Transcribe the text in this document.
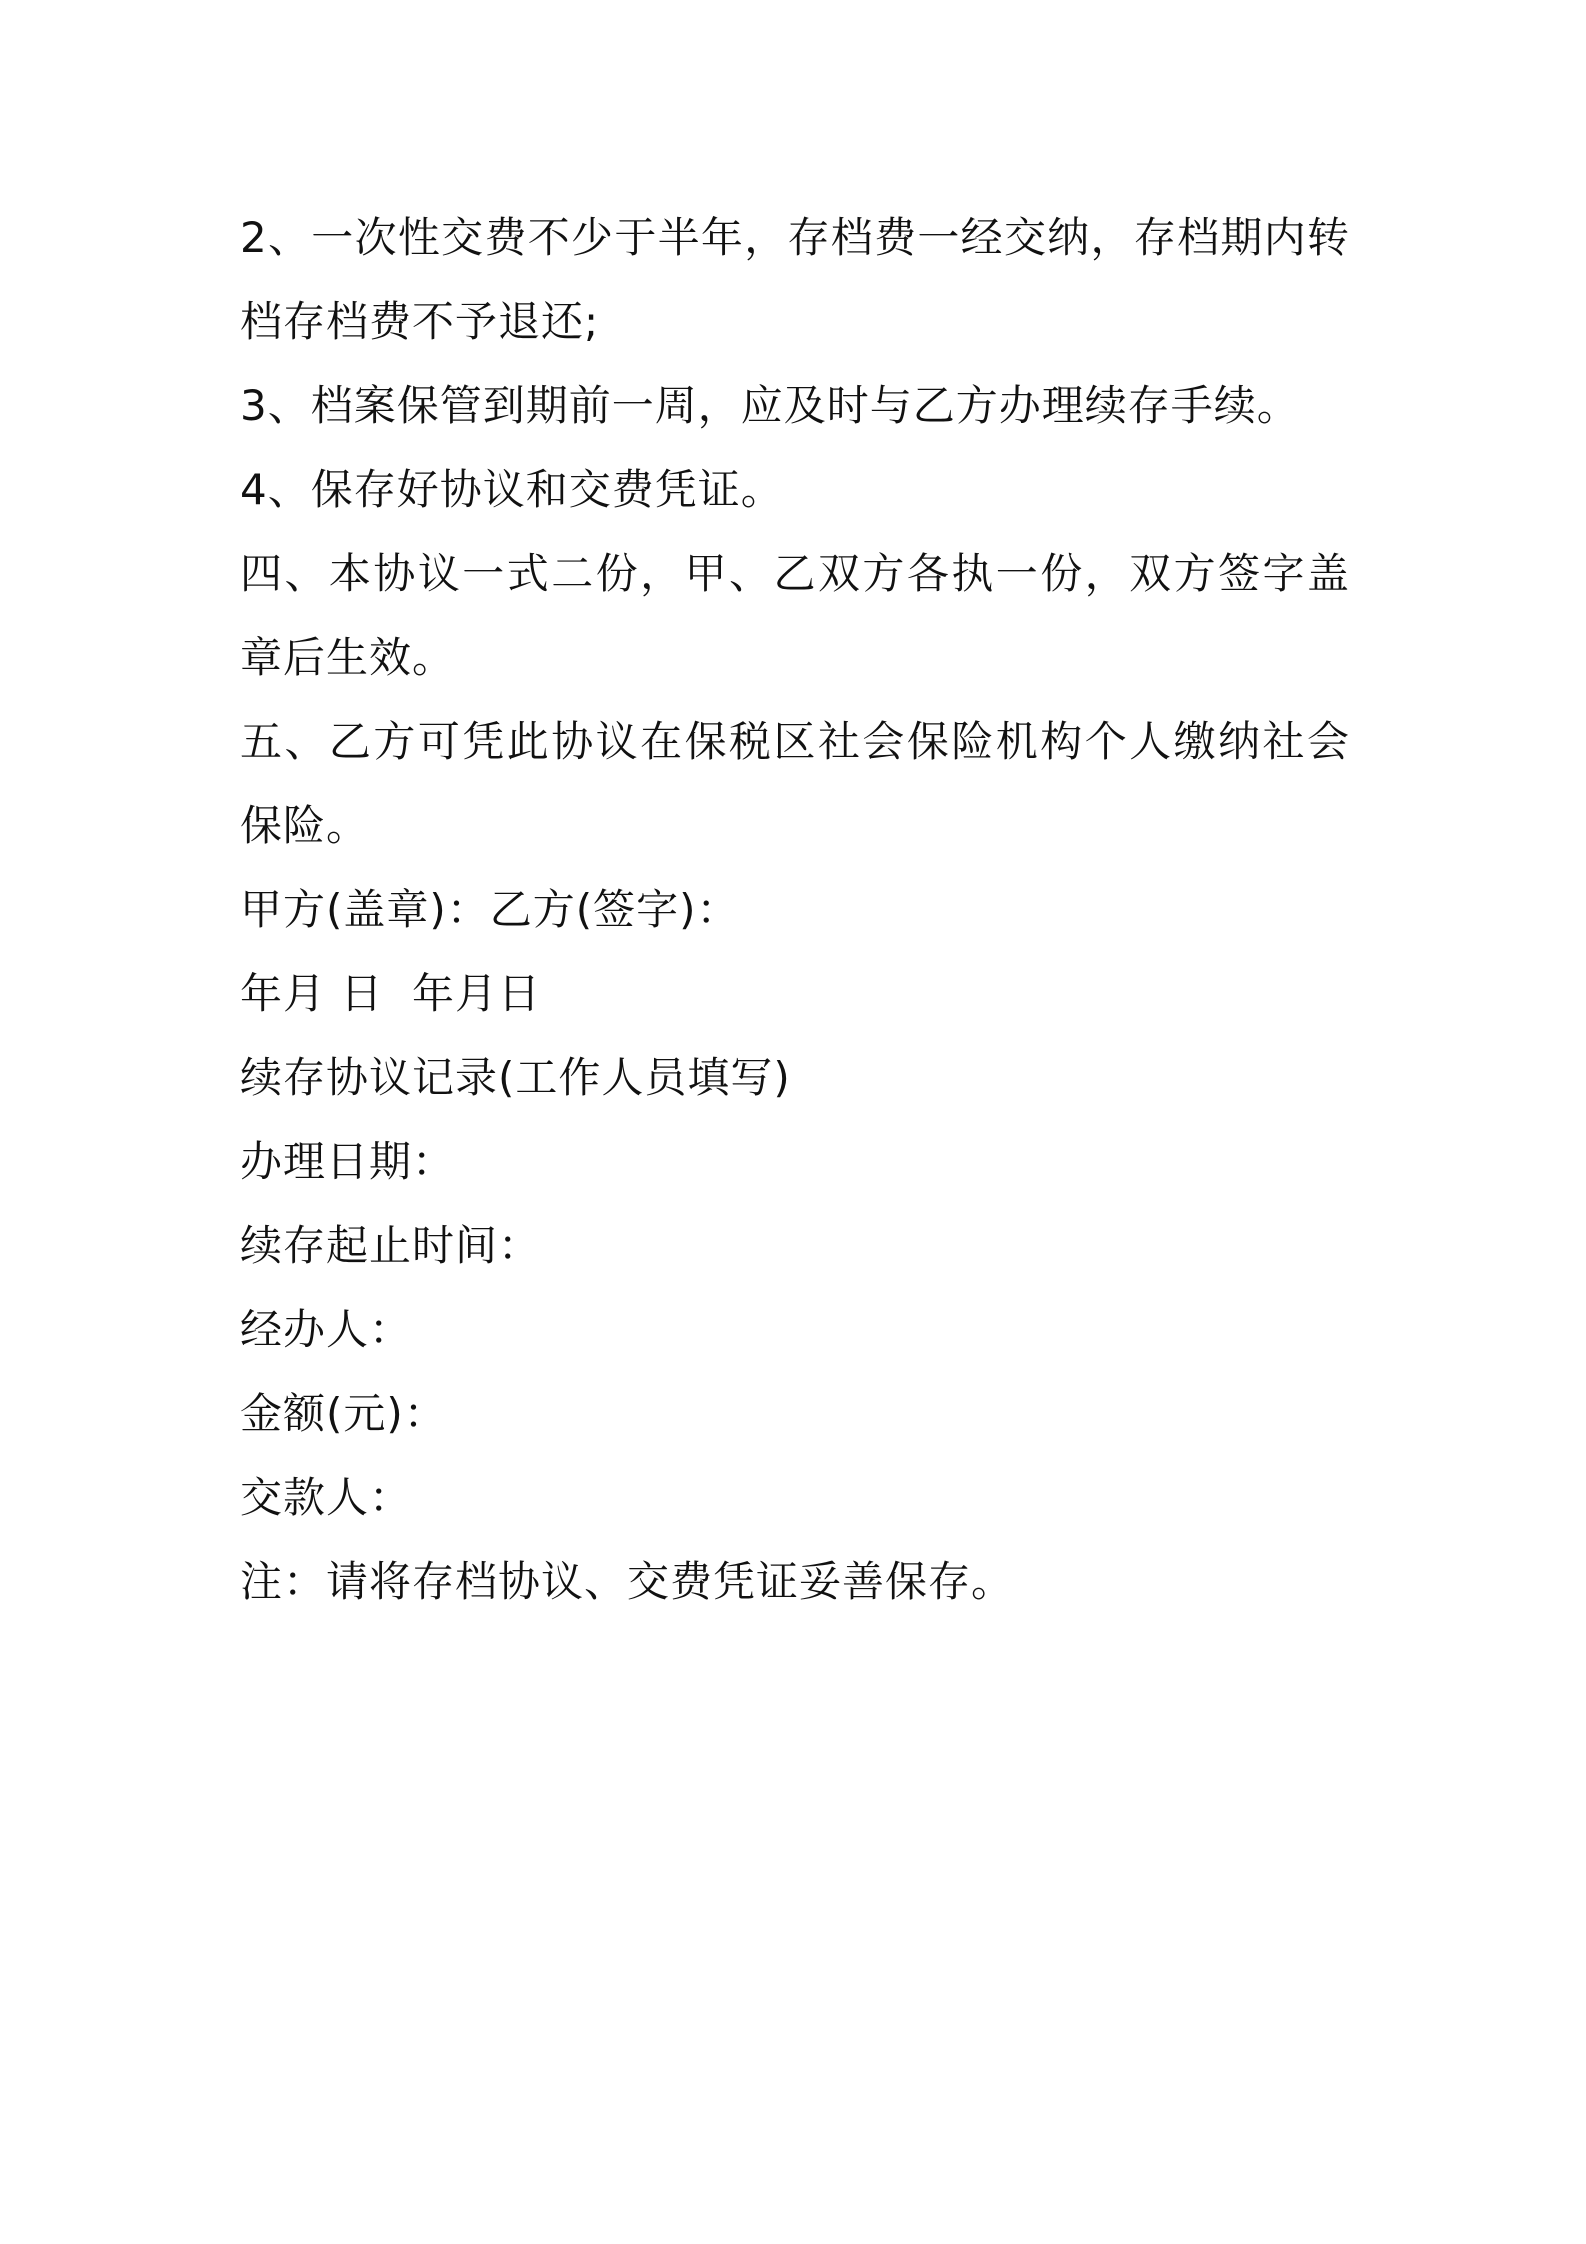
2、一次性交费不少于半年，存档费一经交纳，存档期内转档存档费不予退还;

3、档案保管到期前一周，应及时与乙方办理续存手续。

4、保存好协议和交费凭证。

四、本协议一式二份，甲、乙双方各执一份，双方签字盖章后生效。

五、乙方可凭此协议在保税区社会保险机构个人缴纳社会保险。

甲方(盖章)：乙方(签字)：

年月 日  年月日

续存协议记录(工作人员填写)

办理日期：

续存起止时间：

经办人：

金额(元)：

交款人：

注：请将存档协议、交费凭证妥善保存。
